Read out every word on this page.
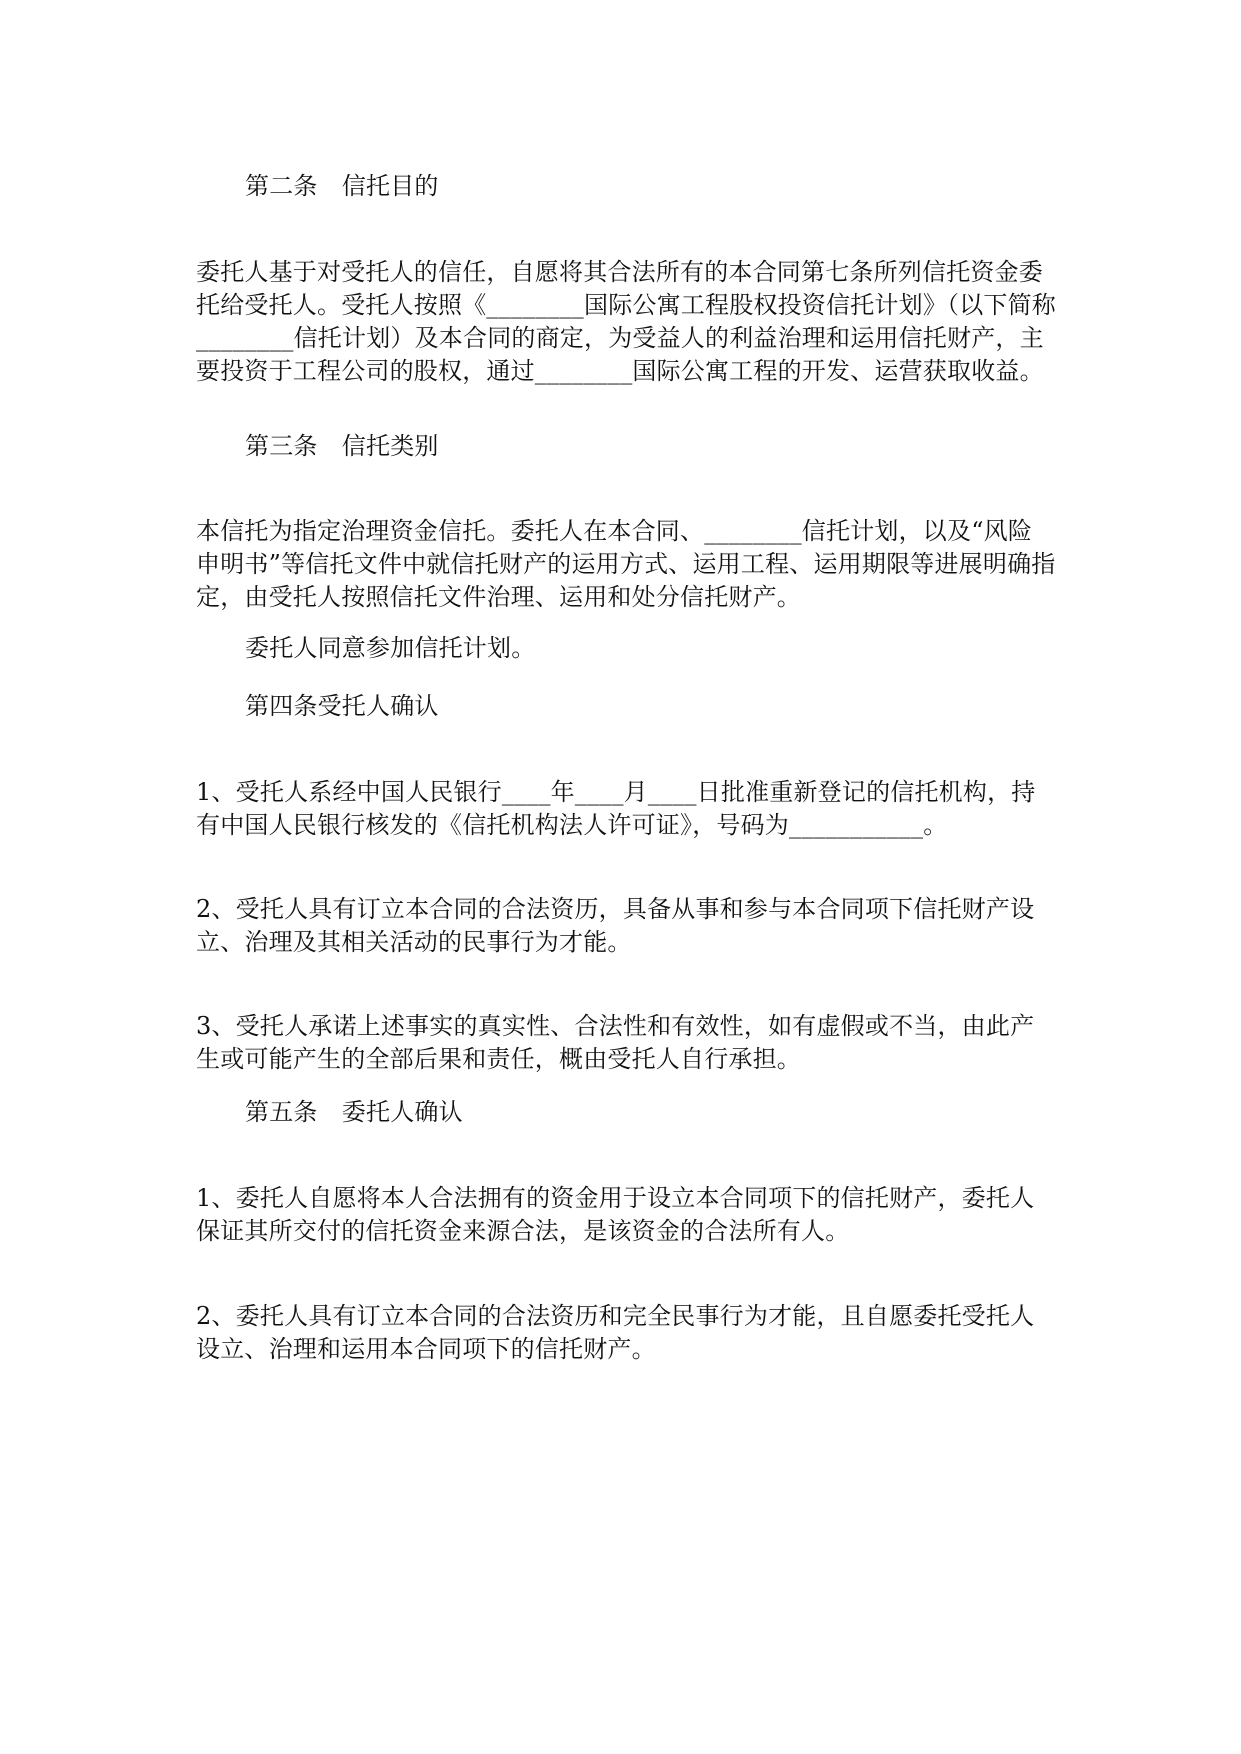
第二条　信托目的
委托人基于对受托人的信任，自愿将其合法所有的本合同第七条所列信托资金委托给受托人。受托人按照《________国际公寓工程股权投资信托计划》（以下简称________信托计划）及本合同的商定，为受益人的利益治理和运用信托财产，主要投资于工程公司的股权，通过________国际公寓工程的开发、运营获取收益。
第三条　信托类别
本信托为指定治理资金信托。委托人在本合同、________信托计划，以及“风险申明书”等信托文件中就信托财产的运用方式、运用工程、运用期限等进展明确指定，由受托人按照信托文件治理、运用和处分信托财产。
委托人同意参加信托计划。
第四条受托人确认
1、受托人系经中国人民银行____年____月____日批准重新登记的信托机构，持有中国人民银行核发的《信托机构法人许可证》，号码为___________。
2、受托人具有订立本合同的合法资历，具备从事和参与本合同项下信托财产设立、治理及其相关活动的民事行为才能。
3、受托人承诺上述事实的真实性、合法性和有效性，如有虚假或不当，由此产生或可能产生的全部后果和责任，概由受托人自行承担。
第五条　委托人确认
1、委托人自愿将本人合法拥有的资金用于设立本合同项下的信托财产，委托人保证其所交付的信托资金来源合法，是该资金的合法所有人。
2、委托人具有订立本合同的合法资历和完全民事行为才能，且自愿委托受托人设立、治理和运用本合同项下的信托财产。
